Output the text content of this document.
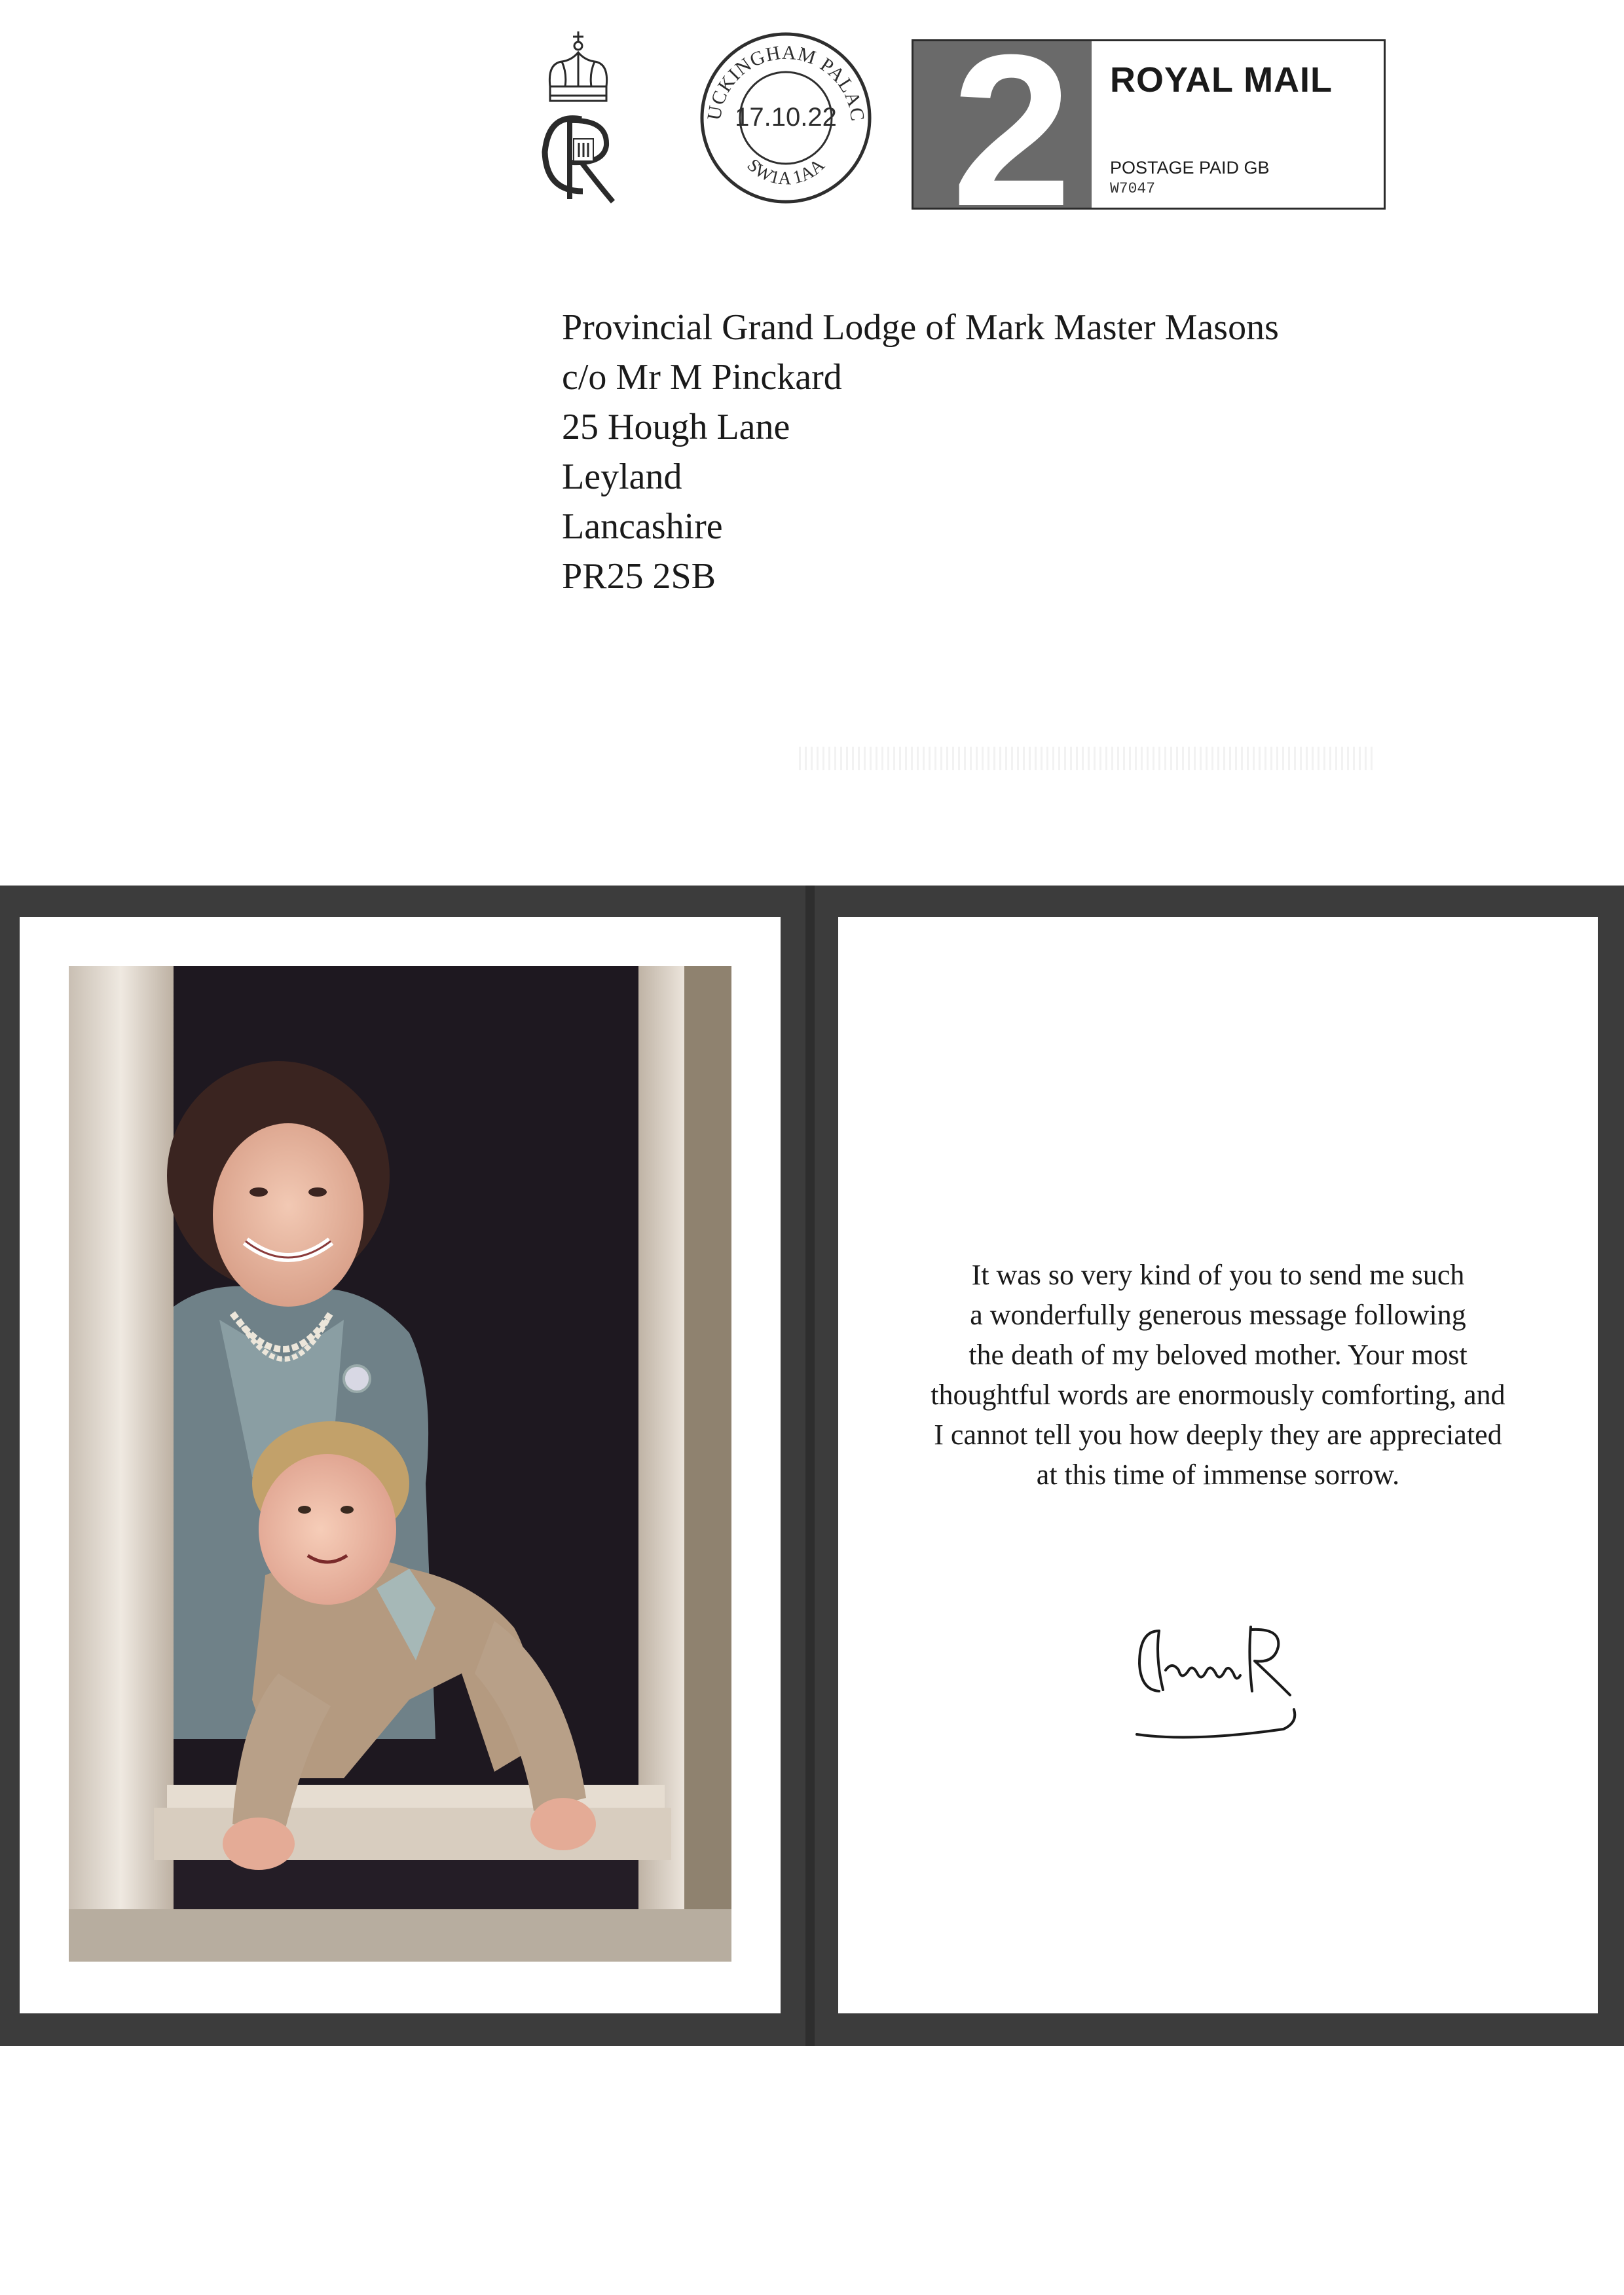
UCKINGHAM PALAC
SW1A 1AA
17.10.22 2 ROYAL MAIL
POSTAGE PAID GB
W7047
Provincial Grand Lodge of Mark Master Masons
c/o Mr M Pinckard
25 Hough Lane
Leyland
Lancashire
PR25 2SB
It was so very kind of you to send me such
a wonderfully generous message following
the death of my beloved mother. Your most
thoughtful words are enormously comforting, and
I cannot tell you how deeply they are appreciated
at this time of immense sorrow.
